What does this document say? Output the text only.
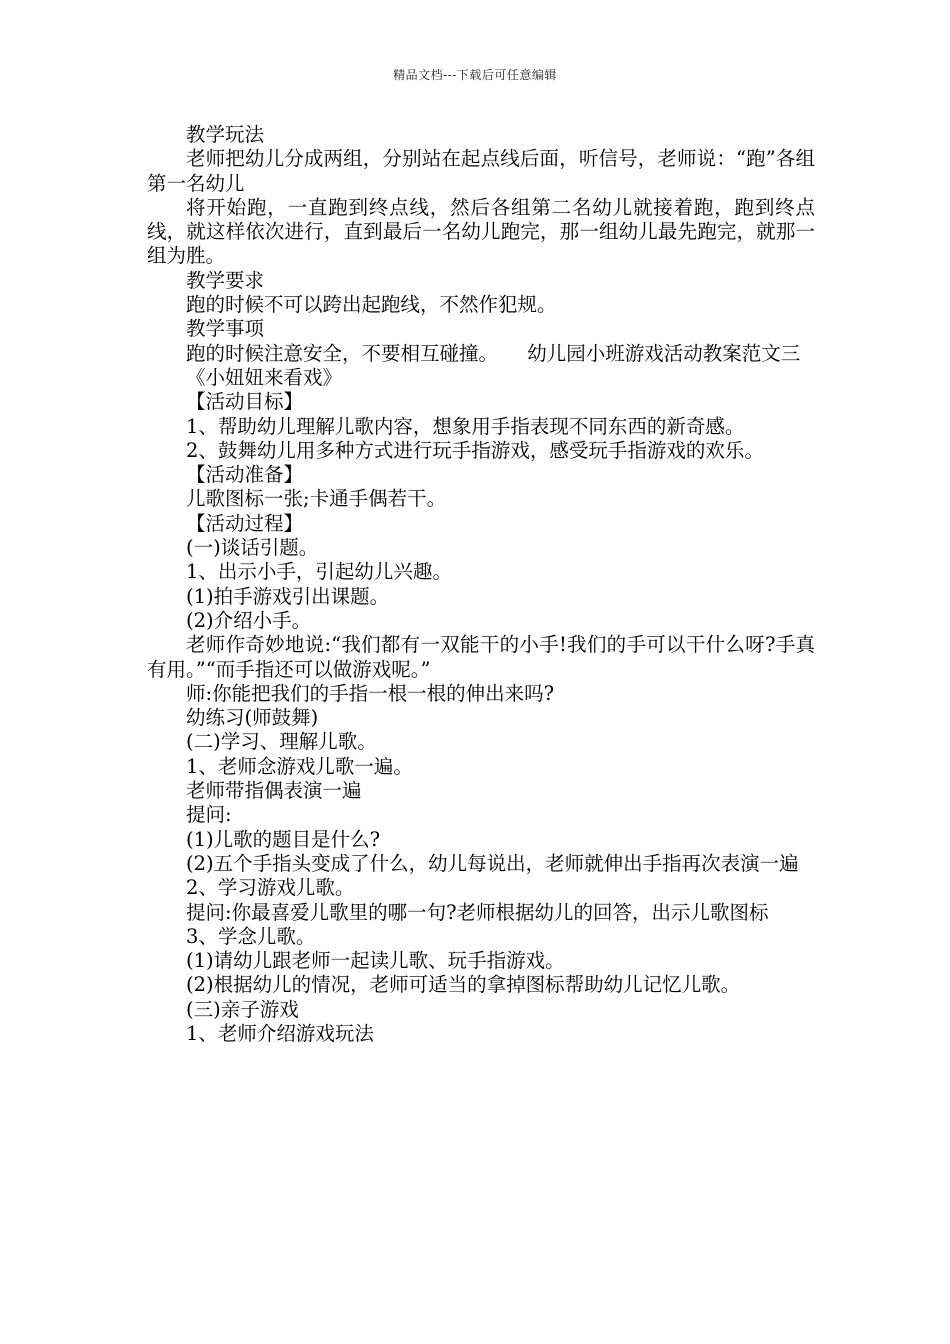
精品文档---下载后可任意编辑

教学玩法

老师把幼儿分成两组，分别站在起点线后面，听信号，老师说：“跑”各组第一名幼儿

将开始跑，一直跑到终点线，然后各组第二名幼儿就接着跑，跑到终点线，就这样依次进行，直到最后一名幼儿跑完，那一组幼儿最先跑完，就那一组为胜。

教学要求

跑的时候不可以跨出起跑线，不然作犯规。

教学事项

跑的时候注意安全，不要相互碰撞。　　幼儿园小班游戏活动教案范文三

《小妞妞来看戏》

【活动目标】

1、帮助幼儿理解儿歌内容，想象用手指表现不同东西的新奇感。

2、鼓舞幼儿用多种方式进行玩手指游戏，感受玩手指游戏的欢乐。

【活动准备】

儿歌图标一张;卡通手偶若干。

【活动过程】

(一)谈话引题。

1、出示小手，引起幼儿兴趣。

(1)拍手游戏引出课题。

(2)介绍小手。

老师作奇妙地说:“我们都有一双能干的小手!我们的手可以干什么呀?手真有用。”“而手指还可以做游戏呢。”

师:你能把我们的手指一根一根的伸出来吗?

幼练习(师鼓舞)

(二)学习、理解儿歌。

1、老师念游戏儿歌一遍。

老师带指偶表演一遍

提问:

(1)儿歌的题目是什么?

(2)五个手指头变成了什么，幼儿每说出，老师就伸出手指再次表演一遍

2、学习游戏儿歌。

提问:你最喜爱儿歌里的哪一句?老师根据幼儿的回答，出示儿歌图标

3、学念儿歌。

(1)请幼儿跟老师一起读儿歌、玩手指游戏。

(2)根据幼儿的情况，老师可适当的拿掉图标帮助幼儿记忆儿歌。

(三)亲子游戏

1、老师介绍游戏玩法
